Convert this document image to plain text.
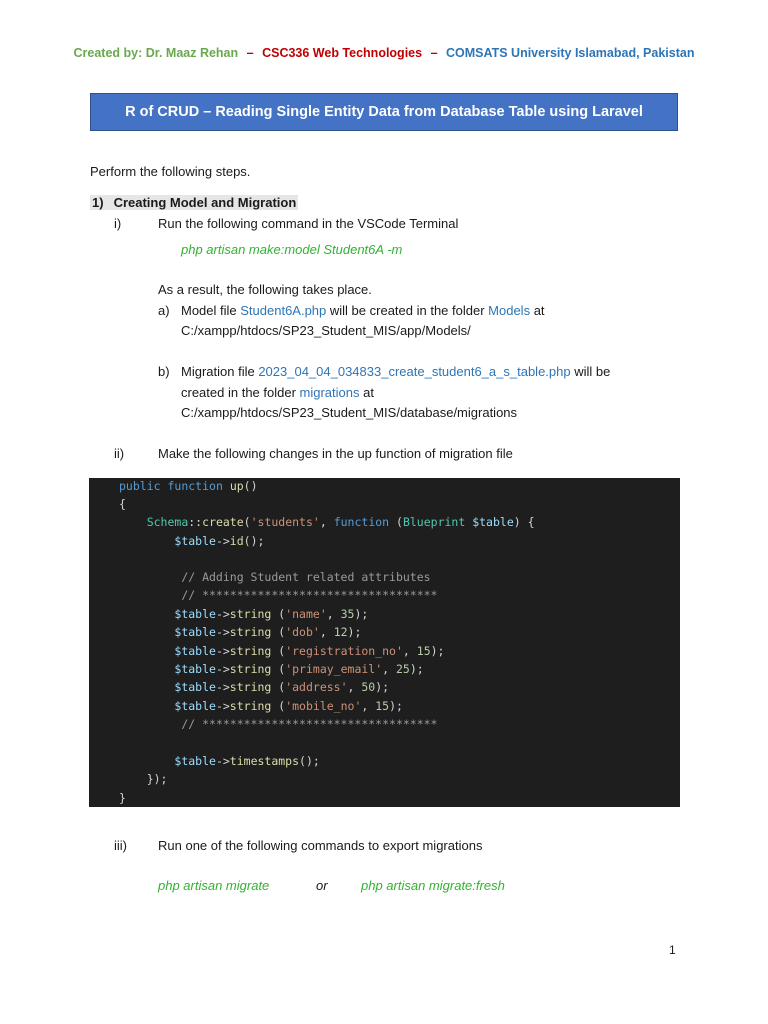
Created by: Dr. Maaz Rehan – CSC336 Web Technologies – COMSATS University Islamabad, Pakistan
R of CRUD – Reading Single Entity Data from Database Table using Laravel
Perform the following steps.
1) Creating Model and Migration
i)	Run the following command in the VSCode Terminal
php artisan make:model Student6A -m
As a result, the following takes place.
a) Model file Student6A.php will be created in the folder Models at
C:/xampp/htdocs/SP23_Student_MIS/app/Models/
b) Migration file 2023_04_04_034833_create_student6_a_s_table.php will be
created in the folder migrations at
C:/xampp/htdocs/SP23_Student_MIS/database/migrations
ii)	Make the following changes in the up function of migration file
public function up()
{
Schema::create('students', function (Blueprint $table) {
$table->id();
// Adding Student related attributes
// **********************************
$table->string ('name', 35);
$table->string ('dob', 12);
$table->string ('registration_no', 15);
$table->string ('primay_email', 25);
$table->string ('address', 50);
$table->string ('mobile_no', 15);
// **********************************
$table->timestamps();
});
}
iii) Run one of the following commands to export migrations
php artisan migrate	or	php artisan migrate:fresh
1
